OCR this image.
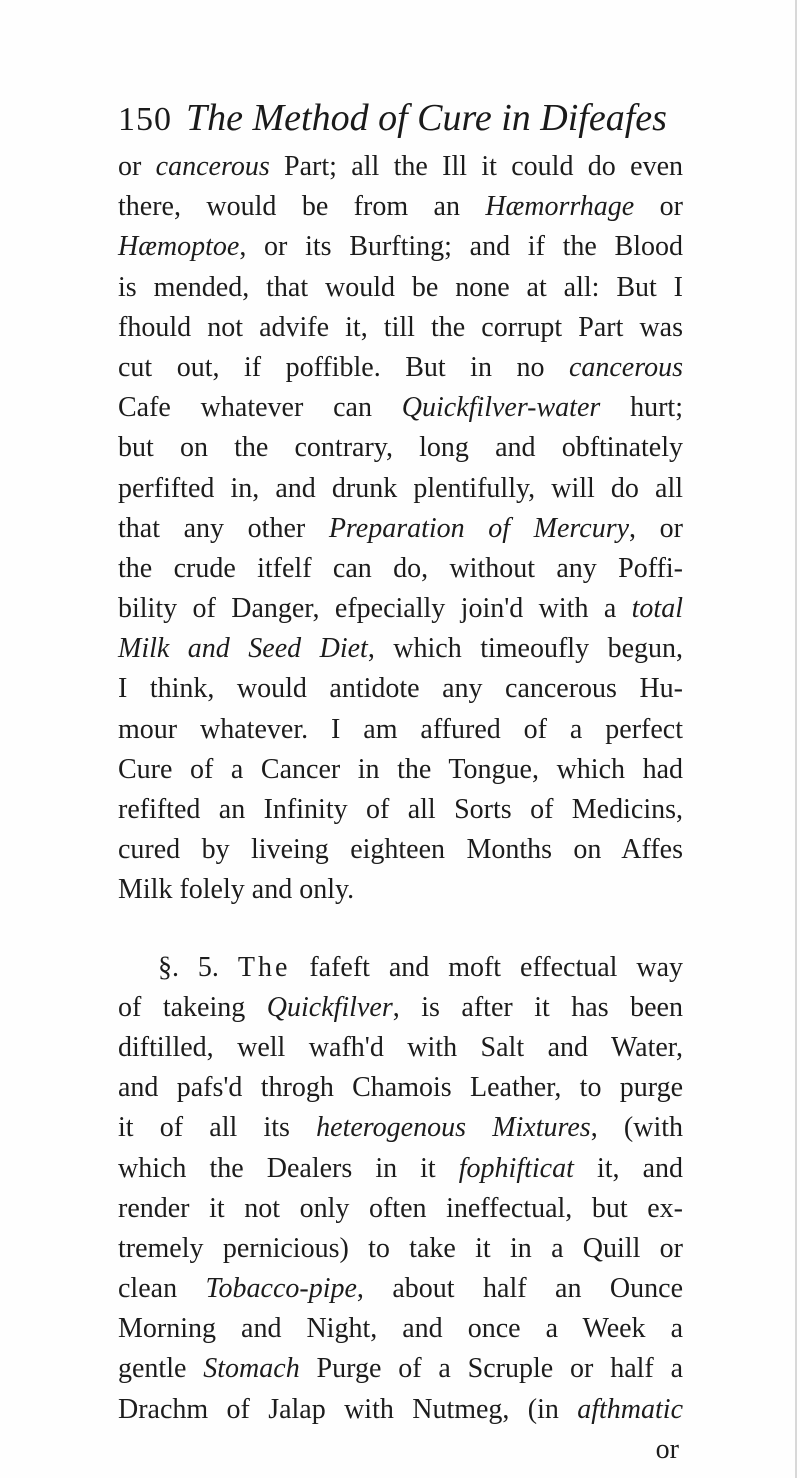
150 The Method of Cure in Difeafes
or cancerous Part; all the Ill it could do even
there, would be from an Hæmorrhage or
Hæmoptoe, or its Burfting; and if the Blood
is mended, that would be none at all: But I
fhould not advife it, till the corrupt Part was
cut out, if poffible. But in no cancerous
Cafe whatever can Quickfilver-water hurt;
but on the contrary, long and obftinately
perfifted in, and drunk plentifully, will do all
that any other Preparation of Mercury, or
the crude itfelf can do, without any Poffi-
bility of Danger, efpecially join'd with a total
Milk and Seed Diet, which timeoufly begun,
I think, would antidote any cancerous Hu-
mour whatever. I am affured of a perfect
Cure of a Cancer in the Tongue, which had
refifted an Infinity of all Sorts of Medicins,
cured by liveing eighteen Months on Affes
Milk folely and only.
§. 5. The fafeft and moft effectual way
of takeing Quickfilver, is after it has been
diftilled, well wafh'd with Salt and Water,
and pafs'd throgh Chamois Leather, to purge
it of all its heterogenous Mixtures, (with
which the Dealers in it fophifticat it, and
render it not only often ineffectual, but ex-
tremely pernicious) to take it in a Quill or
clean Tobacco-pipe, about half an Ounce
Morning and Night, and once a Week a
gentle Stomach Purge of a Scruple or half a
Drachm of Jalap with Nutmeg, (in afthmatic
or
